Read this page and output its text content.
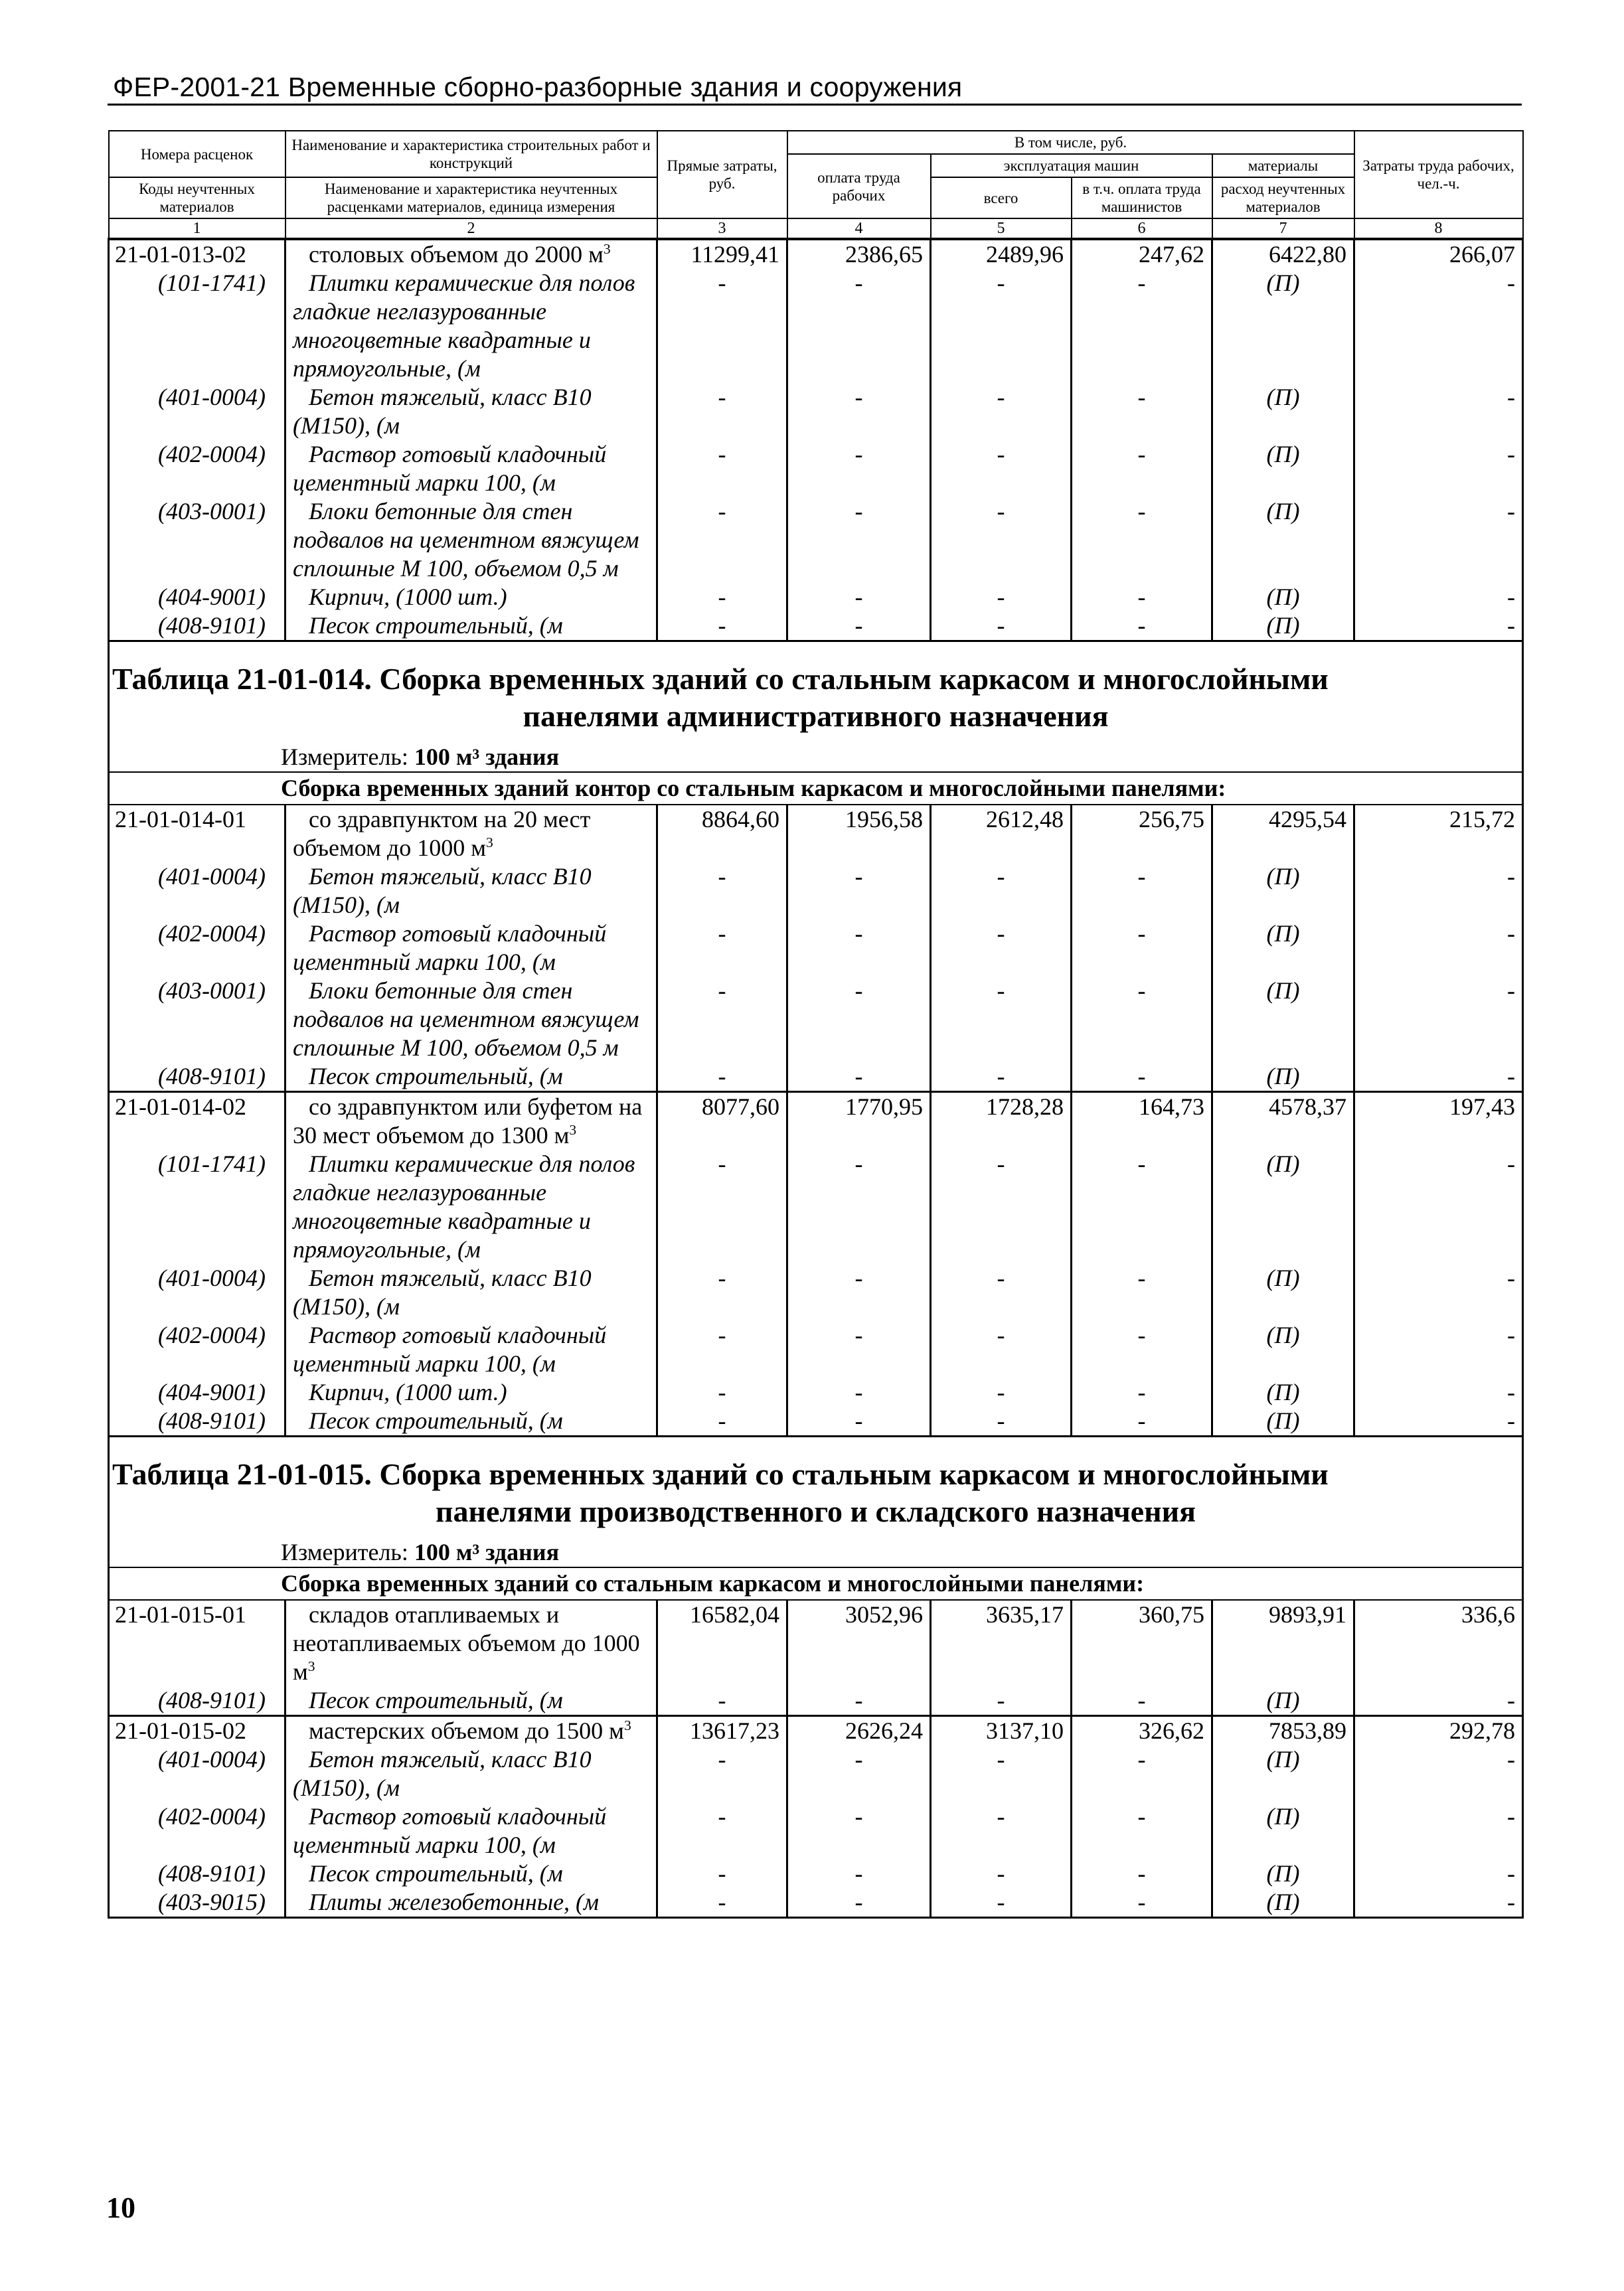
ФЕР-2001-21 Временные сборно-разборные здания и сооружения
Номера расценок	Наименование и характеристика строительных работ и конструкций	Прямые затраты, руб.	В том числе, руб.				Затраты труда рабочих, чел.-ч.
			оплата труда рабочих	эксплуатация машин		материалы	
Коды неучтенных материалов	Наименование и характеристика неучтенных расценками материалов, единица измерения			всего	в т.ч. оплата труда машинистов	расход неучтенных материалов	

1	2	3	4	5	6	7	8
21-01-013-02	столовых объемом до 2000 $м^3$	11299,41	2386,65	2489,96	247,62	6422,80	266,07
(101-1741)	Плитки керамические для полов гладкие неглазурованные многоцветные квадратные и прямоугольные, (м	-	-	-	-	(П)	-
(401-0004)	Бетон тяжелый, класс В10 (М150), (м	-	-	-	-	(П)	-
(402-0004)	Раствор готовый кладочный цементный марки 100, (м	-	-	-	-	(П)	-
(403-0001)	Блоки бетонные для стен подвалов на цементном вяжущем сплошные М 100, объемом 0,5 м	-	-	-	-	(П)	-
(404-9001)	Кирпич, (1000 шт.)	-	-	-	-	(П)	-
(408-9101)	Песок строительный, (м	-	-	-	-	(П)	-

Таблица 21-01-014. Сборка временных зданий со стальным каркасом и многослойными
панелями административного назначения							

Измеритель: 100 м³ здания							
Сборка временных зданий контор со стальным каркасом и многослойными панелями:							
21-01-014-01	со здравпунктом на 20 мест объемом до 1000 $м^3$	8864,60	1956,58	2612,48	256,75	4295,54	215,72
(401-0004)	Бетон тяжелый, класс В10 (М150), (м	-	-	-	-	(П)	-
(402-0004)	Раствор готовый кладочный цементный марки 100, (м	-	-	-	-	(П)	-
(403-0001)	Блоки бетонные для стен подвалов на цементном вяжущем сплошные М 100, объемом 0,5 м	-	-	-	-	(П)	-
(408-9101)	Песок строительный, (м	-	-	-	-	(П)	-
21-01-014-02	со здравпунктом или буфетом на 30 мест объемом до 1300 $м^3$	8077,60	1770,95	1728,28	164,73	4578,37	197,43
(101-1741)	Плитки керамические для полов гладкие неглазурованные многоцветные квадратные и прямоугольные, (м	-	-	-	-	(П)	-
(401-0004)	Бетон тяжелый, класс В10 (М150), (м	-	-	-	-	(П)	-
(402-0004)	Раствор готовый кладочный цементный марки 100, (м	-	-	-	-	(П)	-
(404-9001)	Кирпич, (1000 шт.)	-	-	-	-	(П)	-
(408-9101)	Песок строительный, (м	-	-	-	-	(П)	-

Таблица 21-01-015. Сборка временных зданий со стальным каркасом и многослойными
панелями производственного и складского назначения							

Измеритель: 100 м³ здания							
Сборка временных зданий со стальным каркасом и многослойными панелями:							
21-01-015-01	складов отапливаемых и неотапливаемых объемом до 1000 $м^3$	16582,04	3052,96	3635,17	360,75	9893,91	336,6
(408-9101)	Песок строительный, (м	-	-	-	-	(П)	-
21-01-015-02	мастерских объемом до 1500 $м^3$	13617,23	2626,24	3137,10	326,62	7853,89	292,78
(401-0004)	Бетон тяжелый, класс В10 (М150), (м	-	-	-	-	(П)	-
(402-0004)	Раствор готовый кладочный цементный марки 100, (м	-	-	-	-	(П)	-
(408-9101)	Песок строительный, (м	-	-	-	-	(П)	-
(403-9015)	Плиты железобетонные, (м	-	-	-	-	(П)	-
10
